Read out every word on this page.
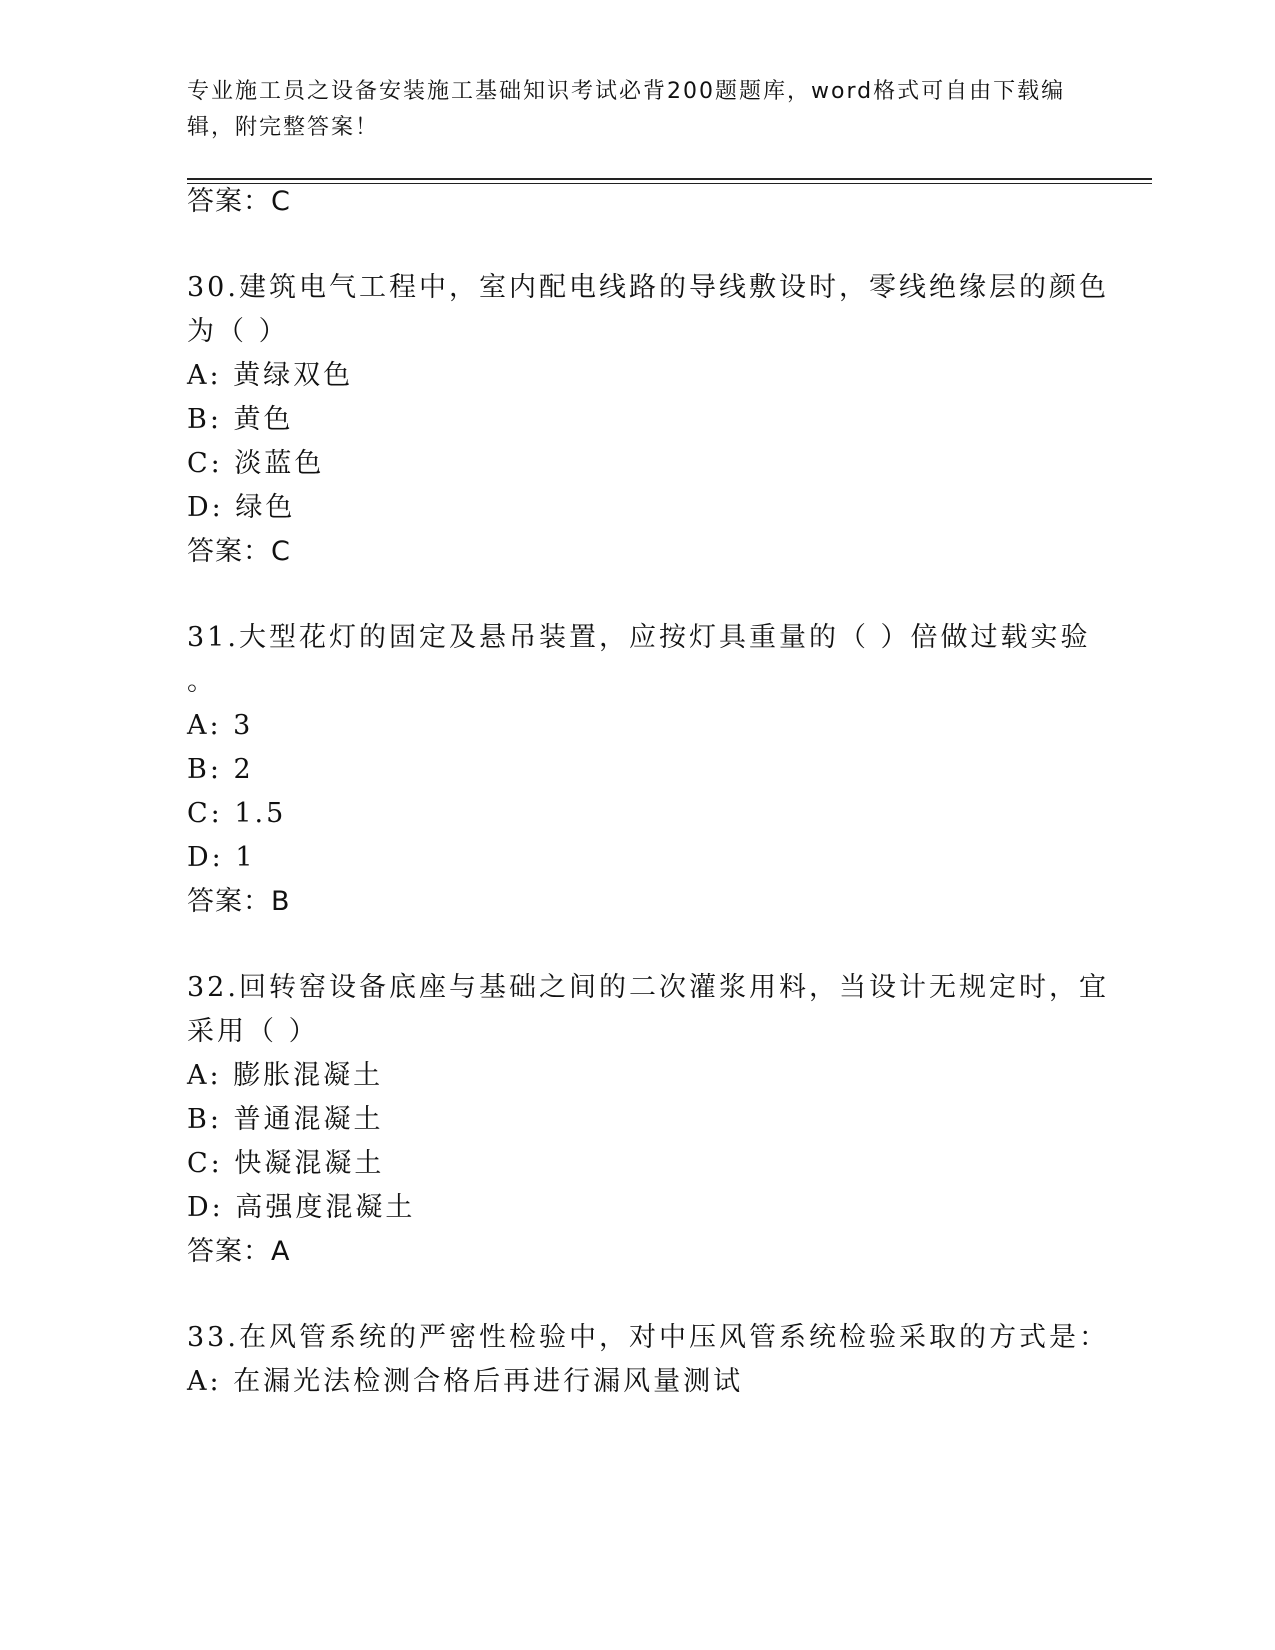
专业施工员之设备安装施工基础知识考试必背200题题库，word格式可自由下载编辑，附完整答案！
答案：C
30.建筑电气工程中，室内配电线路的导线敷设时，零线绝缘层的颜色
为（ ）
A: 黄绿双色
B: 黄色
C: 淡蓝色
D: 绿色
答案：C
31.大型花灯的固定及悬吊装置，应按灯具重量的（ ）倍做过载实验
。
A: 3
B: 2
C: 1.5
D: 1
答案：B
32.回转窑设备底座与基础之间的二次灌浆用料，当设计无规定时，宜
采用（ ）
A: 膨胀混凝土
B: 普通混凝土
C: 快凝混凝土
D: 高强度混凝土
答案：A
33.在风管系统的严密性检验中，对中压风管系统检验采取的方式是：
A: 在漏光法检测合格后再进行漏风量测试
